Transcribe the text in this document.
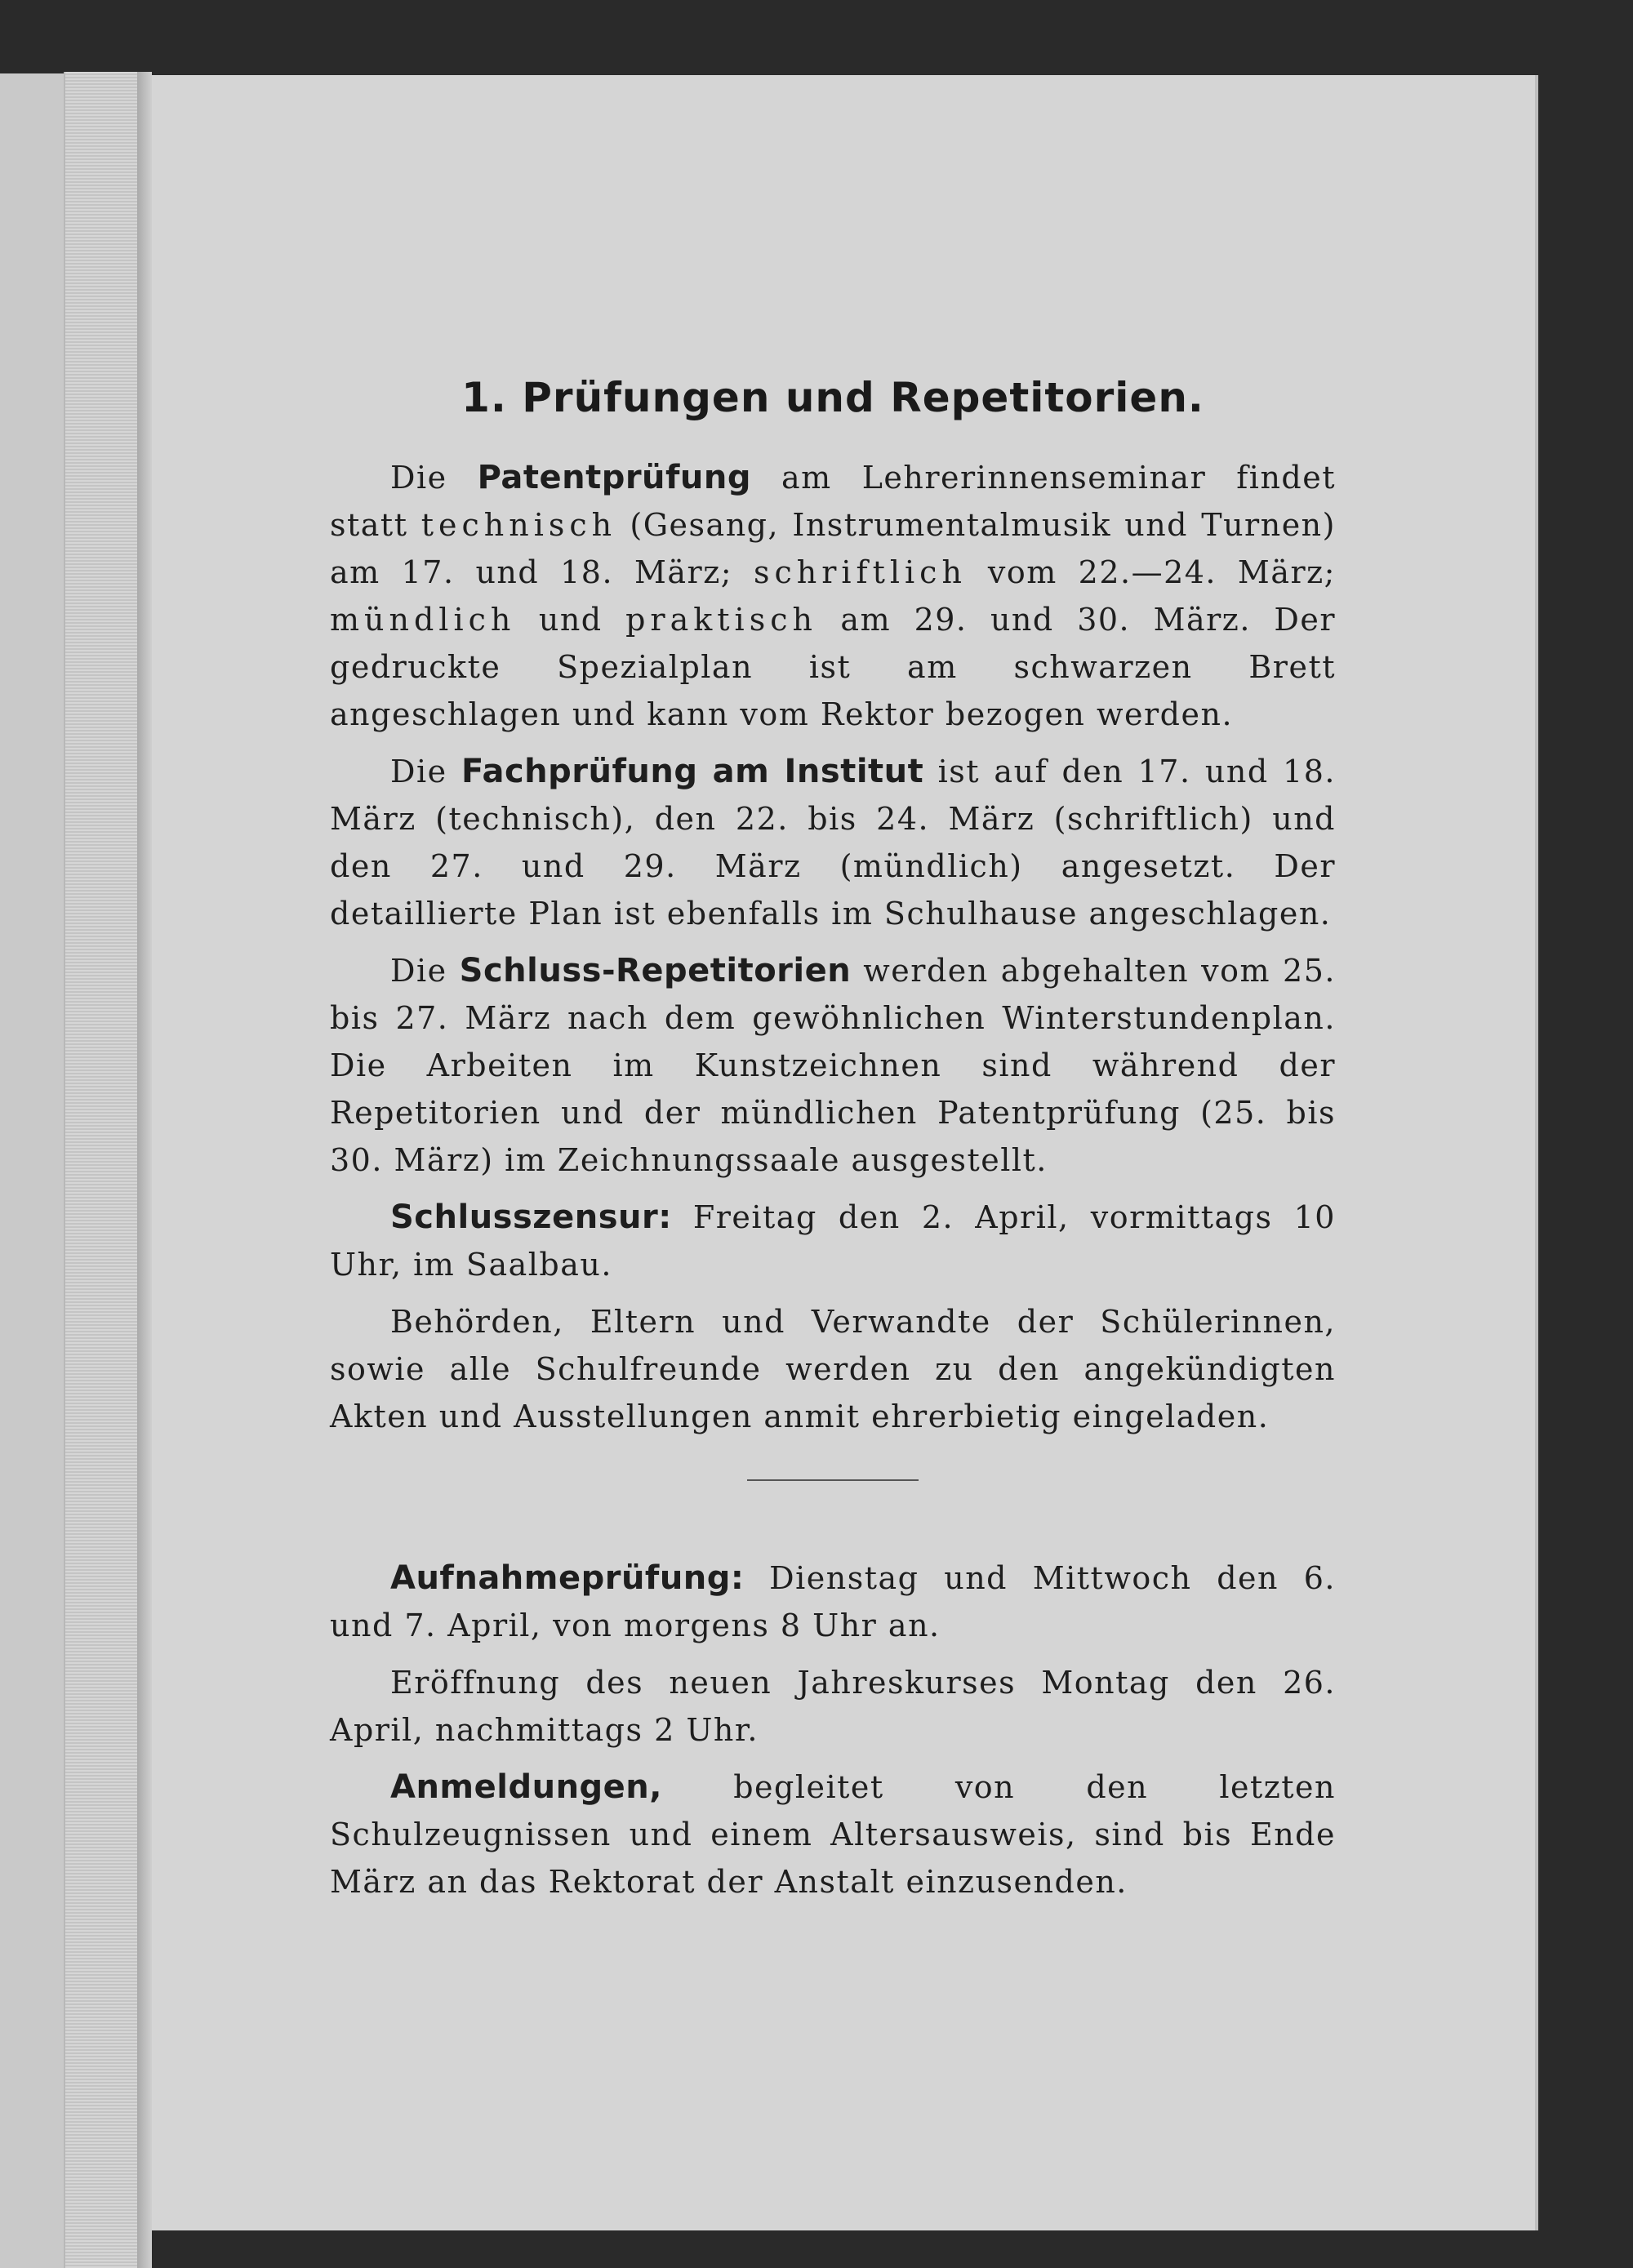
1. Prüfungen und Repetitorien.

Die Patentprüfung am Lehrerinnenseminar findet statt technisch (Gesang, Instrumentalmusik und Turnen) am 17. und 18. März; schriftlich vom 22.—24. März; mündlich und praktisch am 29. und 30. März. Der gedruckte Spezialplan ist am schwarzen Brett angeschlagen und kann vom Rektor bezogen werden.

Die Fachprüfung am Institut ist auf den 17. und 18. März (technisch), den 22. bis 24. März (schriftlich) und den 27. und 29. März (mündlich) angesetzt. Der detaillierte Plan ist ebenfalls im Schulhause angeschlagen.

Die Schluss-Repetitorien werden abgehalten vom 25. bis 27. März nach dem gewöhnlichen Winterstundenplan. Die Arbeiten im Kunstzeichnen sind während der Repetitorien und der mündlichen Patentprüfung (25. bis 30. März) im Zeichnungssaale ausgestellt.

Schlusszensur: Freitag den 2. April, vormittags 10 Uhr, im Saalbau.

Behörden, Eltern und Verwandte der Schülerinnen, sowie alle Schulfreunde werden zu den angekündigten Akten und Ausstellungen anmit ehrerbietig eingeladen.

Aufnahmeprüfung: Dienstag und Mittwoch den 6. und 7. April, von morgens 8 Uhr an.

Eröffnung des neuen Jahreskurses Montag den 26. April, nachmittags 2 Uhr.

Anmeldungen, begleitet von den letzten Schulzeugnissen und einem Altersausweis, sind bis Ende März an das Rektorat der Anstalt einzusenden.
